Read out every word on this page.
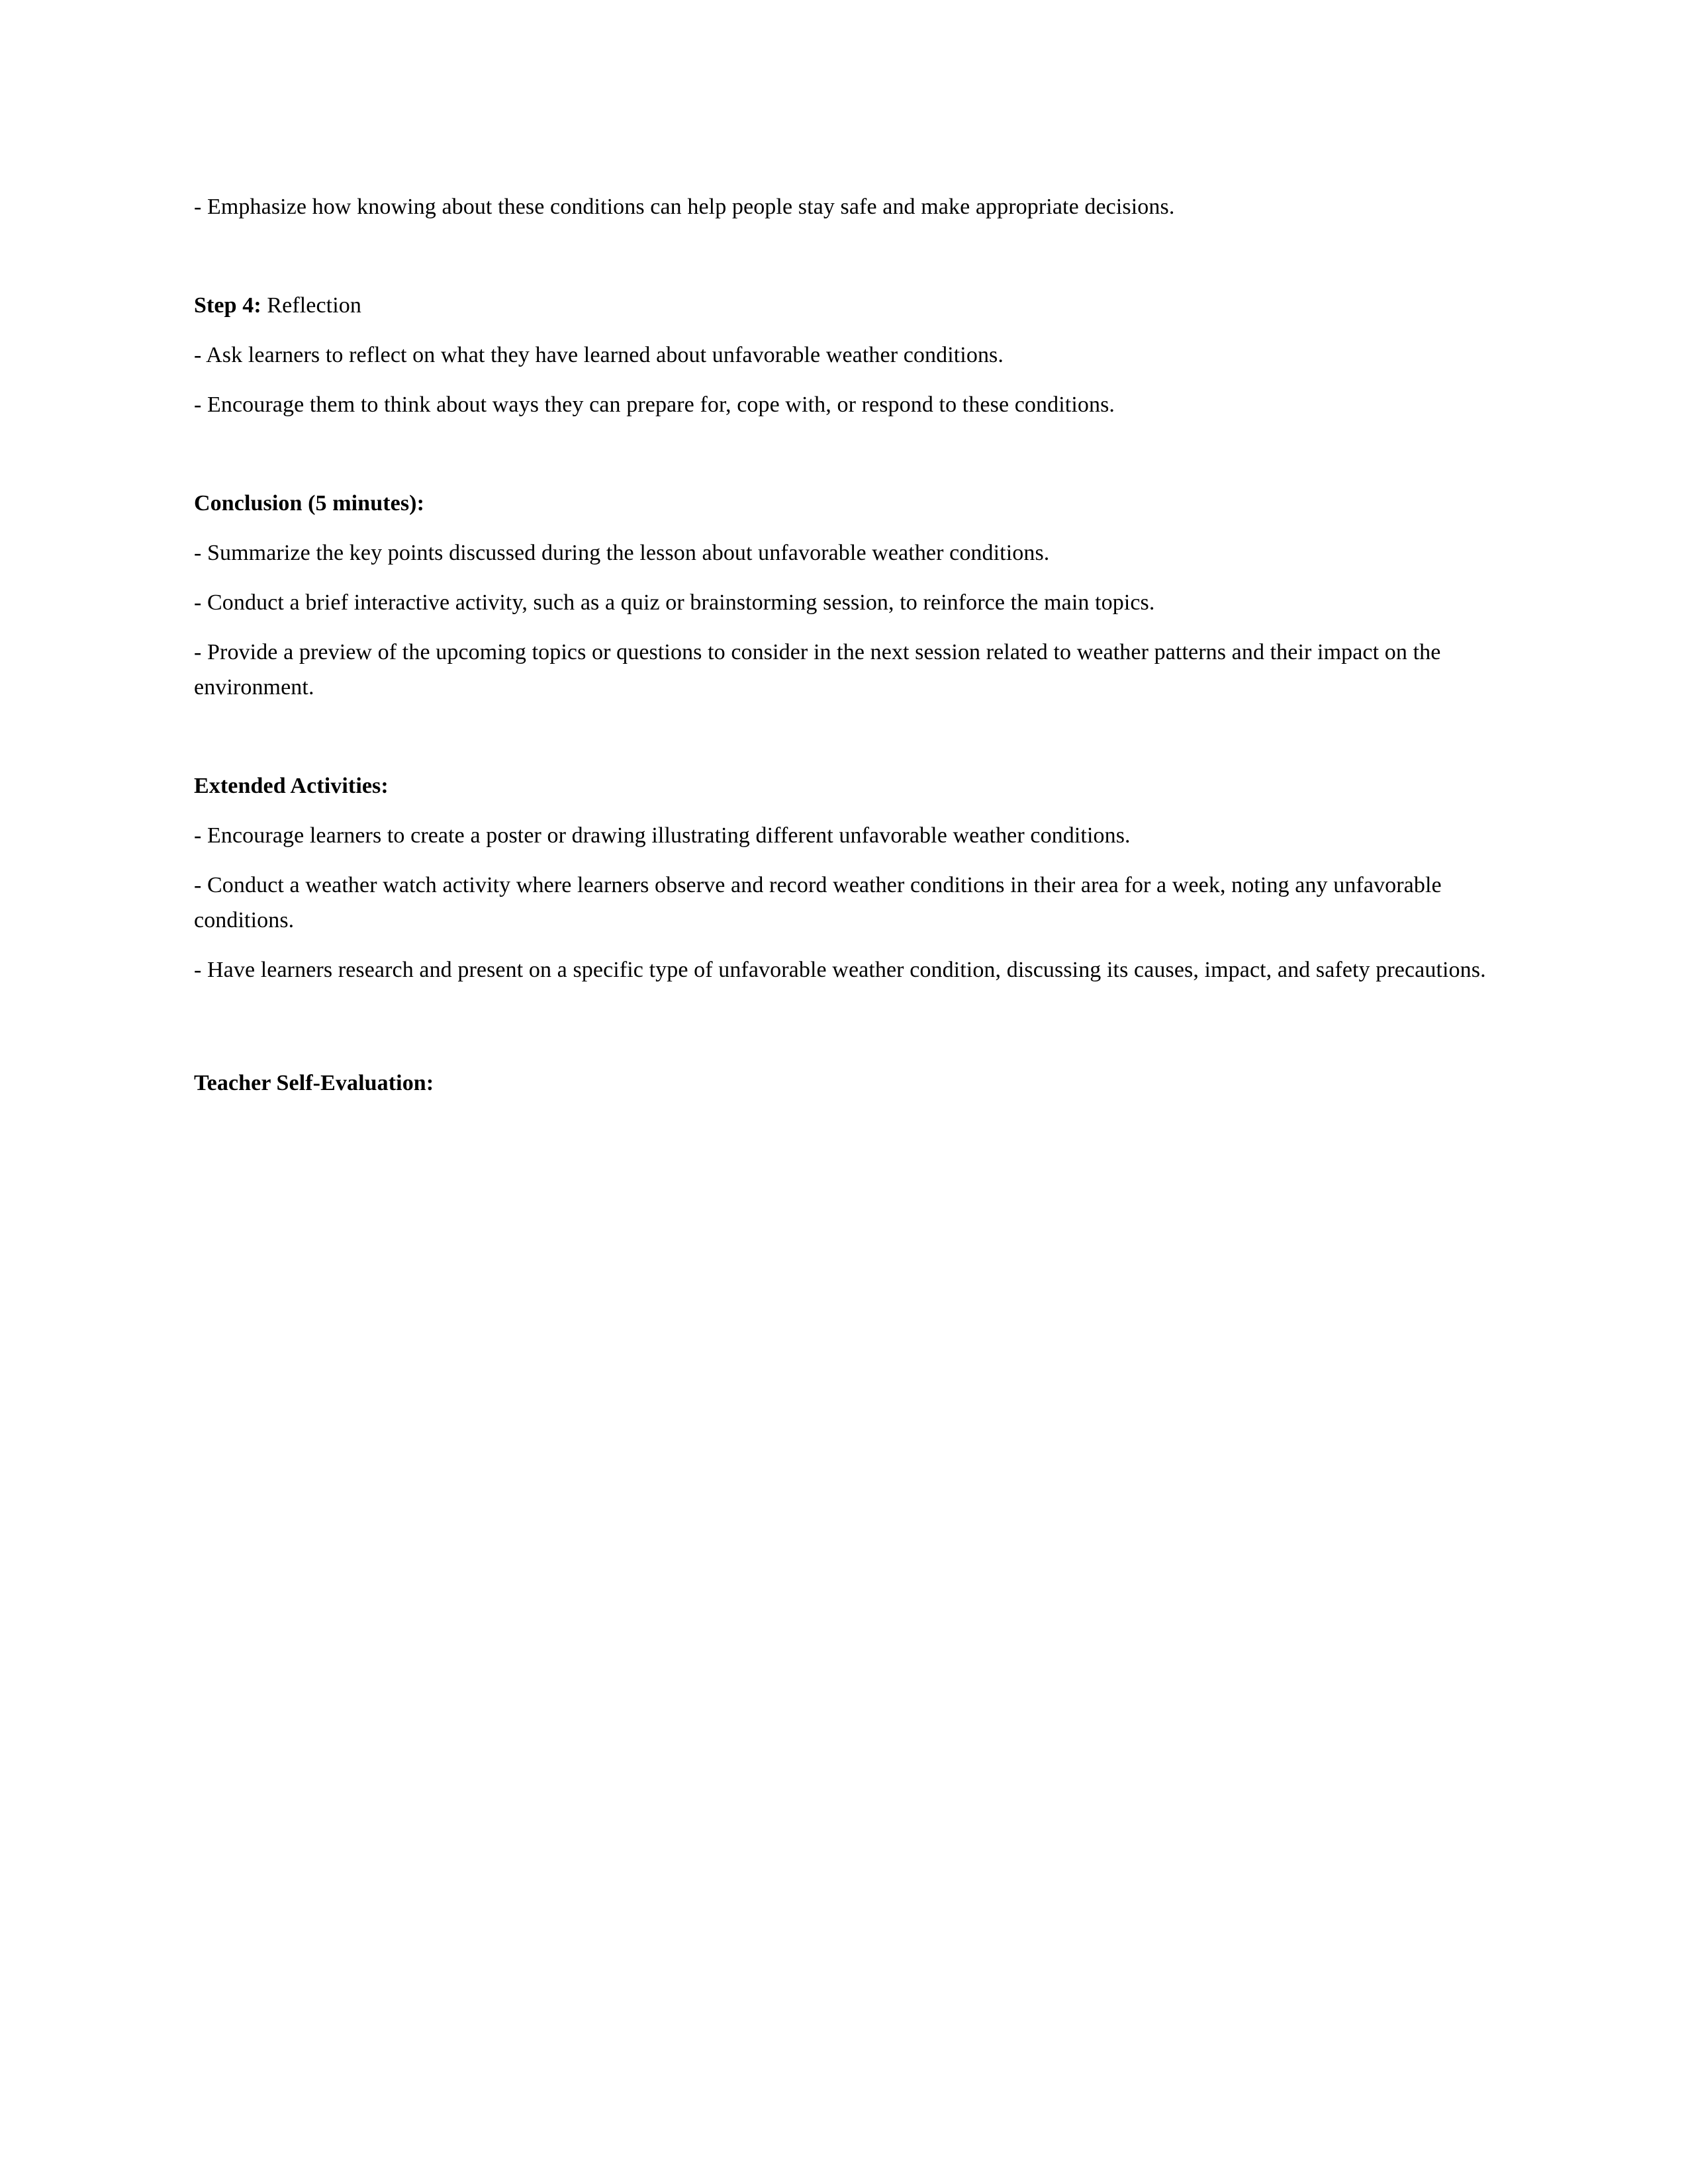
- Emphasize how knowing about these conditions can help people stay safe and make appropriate decisions.

Step 4: Reflection

- Ask learners to reflect on what they have learned about unfavorable weather conditions.

- Encourage them to think about ways they can prepare for, cope with, or respond to these conditions.

Conclusion (5 minutes):

- Summarize the key points discussed during the lesson about unfavorable weather conditions.

- Conduct a brief interactive activity, such as a quiz or brainstorming session, to reinforce the main topics.

- Provide a preview of the upcoming topics or questions to consider in the next session related to weather patterns and their impact on the environment.

Extended Activities:

- Encourage learners to create a poster or drawing illustrating different unfavorable weather conditions.

- Conduct a weather watch activity where learners observe and record weather conditions in their area for a week, noting any unfavorable conditions.

- Have learners research and present on a specific type of unfavorable weather condition, discussing its causes, impact, and safety precautions.

Teacher Self-Evaluation:
